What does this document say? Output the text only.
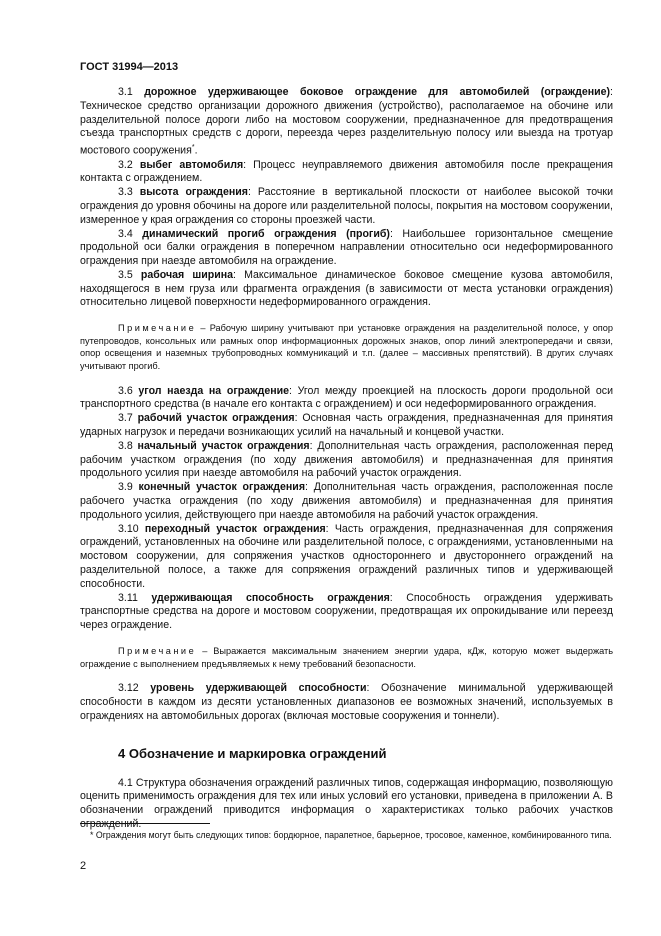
ГОСТ 31994—2013

3.1 дорожное удерживающее боковое ограждение для автомобилей (ограждение): Техническое средство организации дорожного движения (устройство), располагаемое на обочине или разделительной полосе дороги либо на мостовом сооружении, предназначенное для предотвращения съезда транспортных средств с дороги, переезда через разделительную полосу или выезда на тротуар мостового сооружения*.

3.2 выбег автомобиля: Процесс неуправляемого движения автомобиля после прекращения контакта с ограждением.

3.3 высота ограждения: Расстояние в вертикальной плоскости от наиболее высокой точки ограждения до уровня обочины на дороге или разделительной полосы, покрытия на мостовом сооружении, измеренное у края ограждения со стороны проезжей части.

3.4 динамический прогиб ограждения (прогиб): Наибольшее горизонтальное смещение продольной оси балки ограждения в поперечном направлении относительно оси недеформированного ограждения при наезде автомобиля на ограждение.

3.5 рабочая ширина: Максимальное динамическое боковое смещение кузова автомобиля, находящегося в нем груза или фрагмента ограждения (в зависимости от места установки ограждения) относительно лицевой поверхности недеформированного ограждения.

Примечание – Рабочую ширину учитывают при установке ограждения на разделительной полосе, у опор путепроводов, консольных или рамных опор информационных дорожных знаков, опор линий электропередачи и связи, опор освещения и наземных трубопроводных коммуникаций и т.п. (далее – массивных препятствий). В других случаях учитывают прогиб.

3.6 угол наезда на ограждение: Угол между проекцией на плоскость дороги продольной оси транспортного средства (в начале его контакта с ограждением) и оси недеформированного ограждения.

3.7 рабочий участок ограждения: Основная часть ограждения, предназначенная для принятия ударных нагрузок и передачи возникающих усилий на начальный и концевой участки.

3.8 начальный участок ограждения: Дополнительная часть ограждения, расположенная перед рабочим участком ограждения (по ходу движения автомобиля) и предназначенная для принятия продольного усилия при наезде автомобиля на рабочий участок ограждения.

3.9 конечный участок ограждения: Дополнительная часть ограждения, расположенная после рабочего участка ограждения (по ходу движения автомобиля) и предназначенная для принятия продольного усилия, действующего при наезде автомобиля на рабочий участок ограждения.

3.10 переходный участок ограждения: Часть ограждения, предназначенная для сопряжения ограждений, установленных на обочине или разделительной полосе, с ограждениями, установленными на мостовом сооружении, для сопряжения участков одностороннего и двустороннего ограждений на разделительной полосе, а также для сопряжения ограждений различных типов и удерживающей способности.

3.11 удерживающая способность ограждения: Способность ограждения удерживать транспортные средства на дороге и мостовом сооружении, предотвращая их опрокидывание или переезд через ограждение.

Примечание – Выражается максимальным значением энергии удара, кДж, которую может выдержать ограждение с выполнением предъявляемых к нему требований безопасности.

3.12 уровень удерживающей способности: Обозначение минимальной удерживающей способности в каждом из десяти установленных диапазонов ее возможных значений, используемых в ограждениях на автомобильных дорогах (включая мостовые сооружения и тоннели).

4 Обозначение и маркировка ограждений

4.1 Структура обозначения ограждений различных типов, содержащая информацию, позволяющую оценить применимость ограждения для тех или иных условий его установки, приведена в приложении А. В обозначении ограждений приводится информация о характеристиках только рабочих участков ограждений.

* Ограждения могут быть следующих типов: бордюрное, парапетное, барьерное, тросовое, каменное, комбинированного типа.

2
